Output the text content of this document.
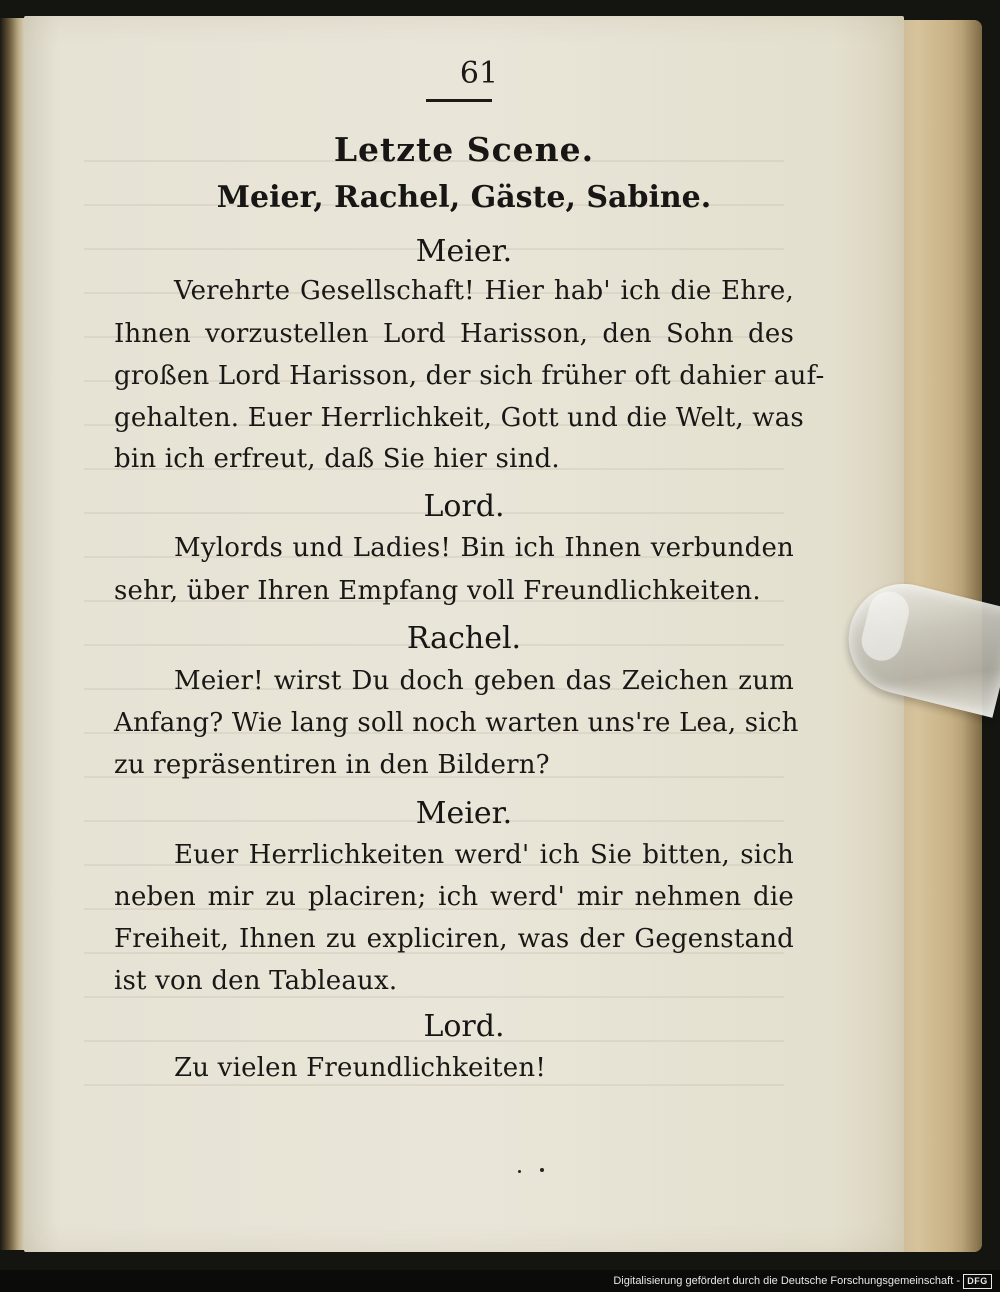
61
Letzte Scene.
Meier, Rachel, Gäste, Sabine.
Meier.
Verehrte Gesellschaft! Hier hab' ich die Ehre,
Ihnen vorzustellen Lord Harisson, den Sohn des
großen Lord Harisson, der sich früher oft dahier auf-
gehalten. Euer Herrlichkeit, Gott und die Welt, was
bin ich erfreut, daß Sie hier sind.
Lord.
Mylords und Ladies! Bin ich Ihnen verbunden
sehr, über Ihren Empfang voll Freundlichkeiten.
Rachel.
Meier! wirst Du doch geben das Zeichen zum
Anfang? Wie lang soll noch warten uns're Lea, sich
zu repräsentiren in den Bildern?
Meier.
Euer Herrlichkeiten werd' ich Sie bitten, sich
neben mir zu placiren; ich werd' mir nehmen die
Freiheit, Ihnen zu expliciren, was der Gegenstand
ist von den Tableaux.
Lord.
Zu vielen Freundlichkeiten!
Digitalisierung gefördert durch die Deutsche Forschungsgemeinschaft - DFG
